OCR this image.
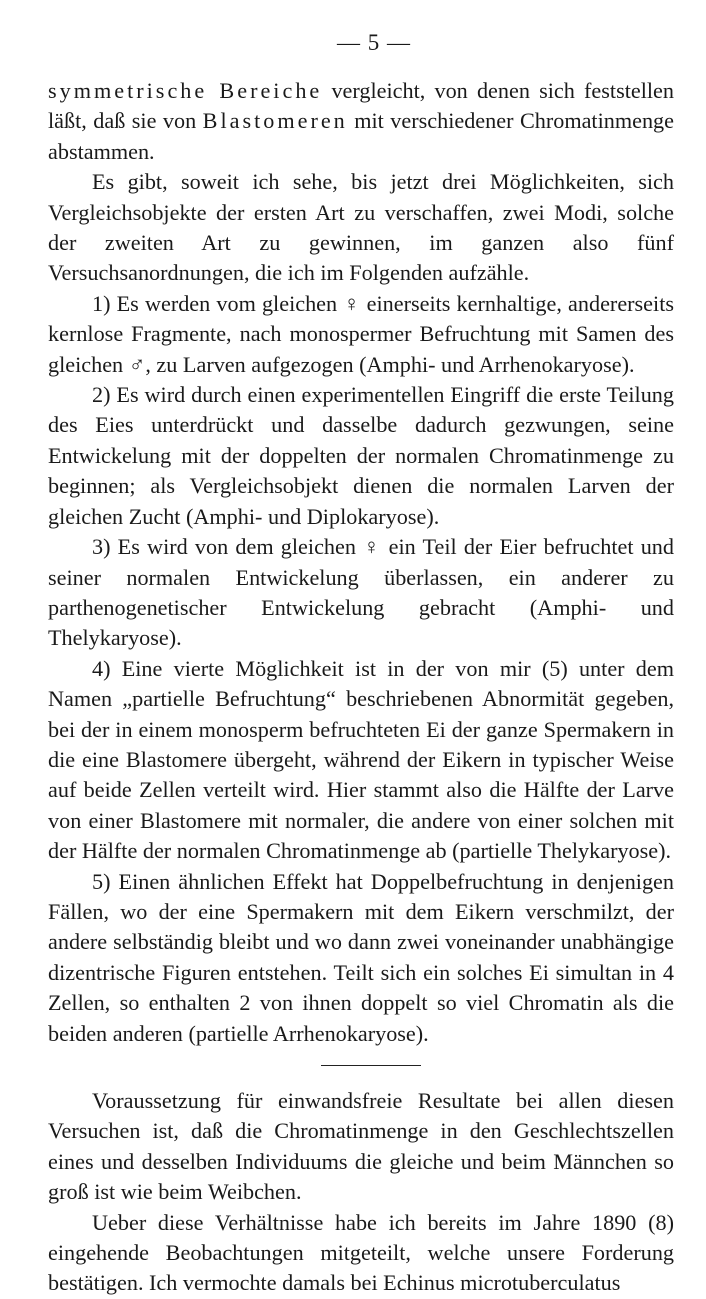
— 5 —

symmetrische Bereiche vergleicht, von denen sich feststellen läßt, daß sie von Blastomeren mit verschiedener Chromatinmenge abstammen.

Es gibt, soweit ich sehe, bis jetzt drei Möglichkeiten, sich Vergleichsobjekte der ersten Art zu verschaffen, zwei Modi, solche der zweiten Art zu gewinnen, im ganzen also fünf Versuchsanordnungen, die ich im Folgenden aufzähle.

1) Es werden vom gleichen ♀ einerseits kernhaltige, andererseits kernlose Fragmente, nach monospermer Befruchtung mit Samen des gleichen ♂, zu Larven aufgezogen (Amphi- und Arrhenokaryose).

2) Es wird durch einen experimentellen Eingriff die erste Teilung des Eies unterdrückt und dasselbe dadurch gezwungen, seine Entwickelung mit der doppelten der normalen Chromatinmenge zu beginnen; als Vergleichsobjekt dienen die normalen Larven der gleichen Zucht (Amphi- und Diplokaryose).

3) Es wird von dem gleichen ♀ ein Teil der Eier befruchtet und seiner normalen Entwickelung überlassen, ein anderer zu parthenogenetischer Entwickelung gebracht (Amphi- und Thelykaryose).

4) Eine vierte Möglichkeit ist in der von mir (5) unter dem Namen „partielle Befruchtung“ beschriebenen Abnormität gegeben, bei der in einem monosperm befruchteten Ei der ganze Spermakern in die eine Blastomere übergeht, während der Eikern in typischer Weise auf beide Zellen verteilt wird. Hier stammt also die Hälfte der Larve von einer Blastomere mit normaler, die andere von einer solchen mit der Hälfte der normalen Chromatinmenge ab (partielle Thelykaryose).

5) Einen ähnlichen Effekt hat Doppelbefruchtung in denjenigen Fällen, wo der eine Spermakern mit dem Eikern verschmilzt, der andere selbständig bleibt und wo dann zwei voneinander unabhängige dizentrische Figuren entstehen. Teilt sich ein solches Ei simultan in 4 Zellen, so enthalten 2 von ihnen doppelt so viel Chromatin als die beiden anderen (partielle Arrhenokaryose).

Voraussetzung für einwandsfreie Resultate bei allen diesen Versuchen ist, daß die Chromatinmenge in den Geschlechtszellen eines und desselben Individuums die gleiche und beim Männchen so groß ist wie beim Weibchen.

Ueber diese Verhältnisse habe ich bereits im Jahre 1890 (8) eingehende Beobachtungen mitgeteilt, welche unsere Forderung bestätigen. Ich vermochte damals bei Echinus microtuberculatus
